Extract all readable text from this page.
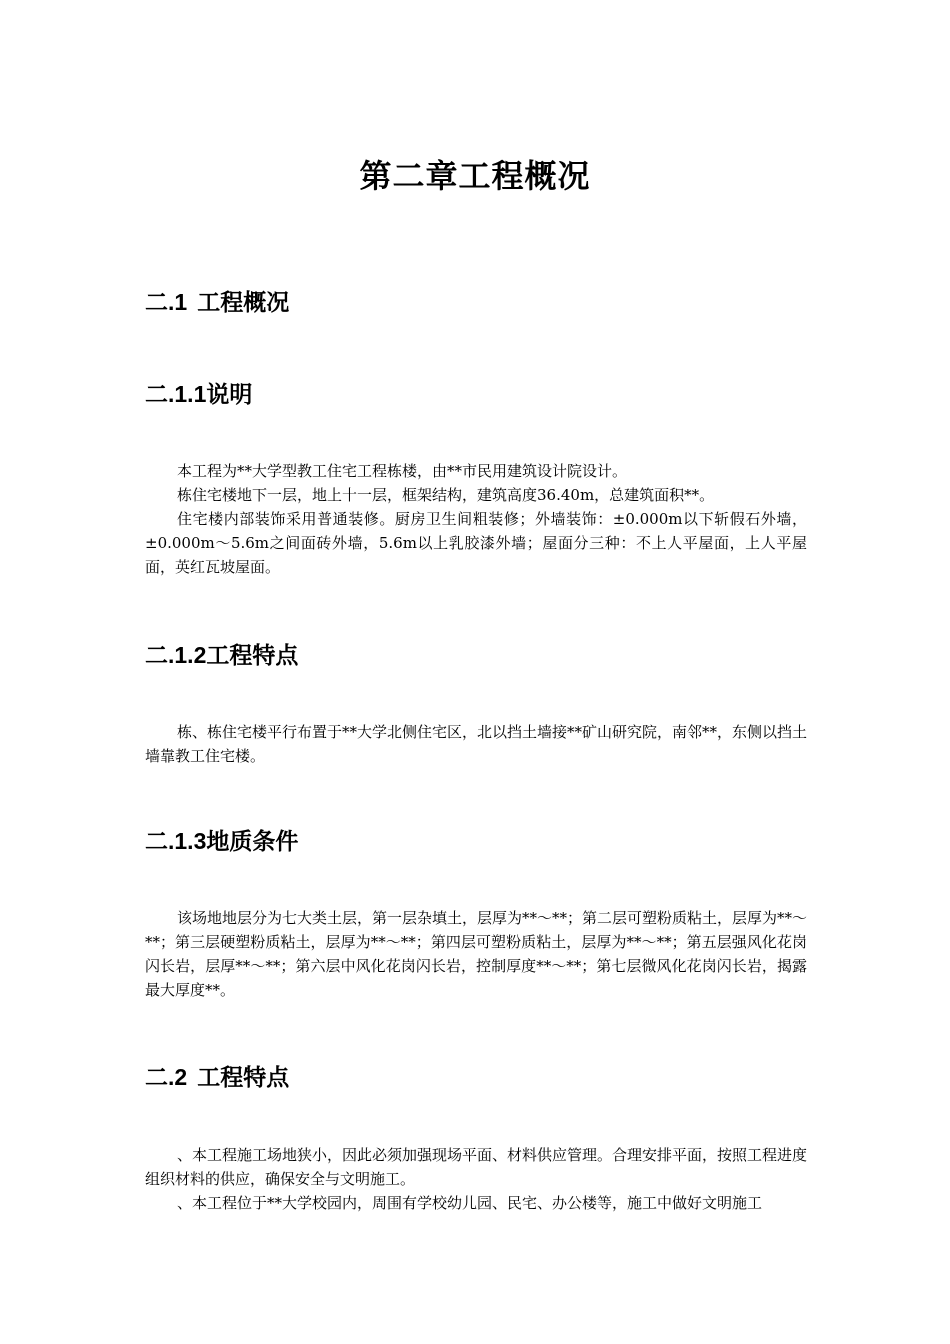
第二章工程概况
二.1 工程概况
二.1.1说明

本工程为**大学型教工住宅工程栋楼，由**市民用建筑设计院设计。

栋住宅楼地下一层，地上十一层，框架结构，建筑高度36.40m，总建筑面积**。

住宅楼内部装饰采用普通装修。厨房卫生间粗装修；外墙装饰：±0.000m以下斩假石外墙，±0.000m～5.6m之间面砖外墙，5.6m以上乳胶漆外墙；屋面分三种：不上人平屋面，上人平屋面，英红瓦坡屋面。

二.1.2工程特点

栋、栋住宅楼平行布置于**大学北侧住宅区，北以挡土墙接**矿山研究院，南邻**，东侧以挡土墙靠教工住宅楼。

二.1.3地质条件

该场地地层分为七大类土层，第一层杂填土，层厚为**～**；第二层可塑粉质粘土，层厚为**～**；第三层硬塑粉质粘土，层厚为**～**；第四层可塑粉质粘土，层厚为**～**；第五层强风化花岗闪长岩，层厚**～**；第六层中风化花岗闪长岩，控制厚度**～**；第七层微风化花岗闪长岩，揭露最大厚度**。

二.2 工程特点

、本工程施工场地狭小，因此必须加强现场平面、材料供应管理。合理安排平面，按照工程进度组织材料的供应，确保安全与文明施工。

、本工程位于**大学校园内，周围有学校幼儿园、民宅、办公楼等，施工中做好文明施工
